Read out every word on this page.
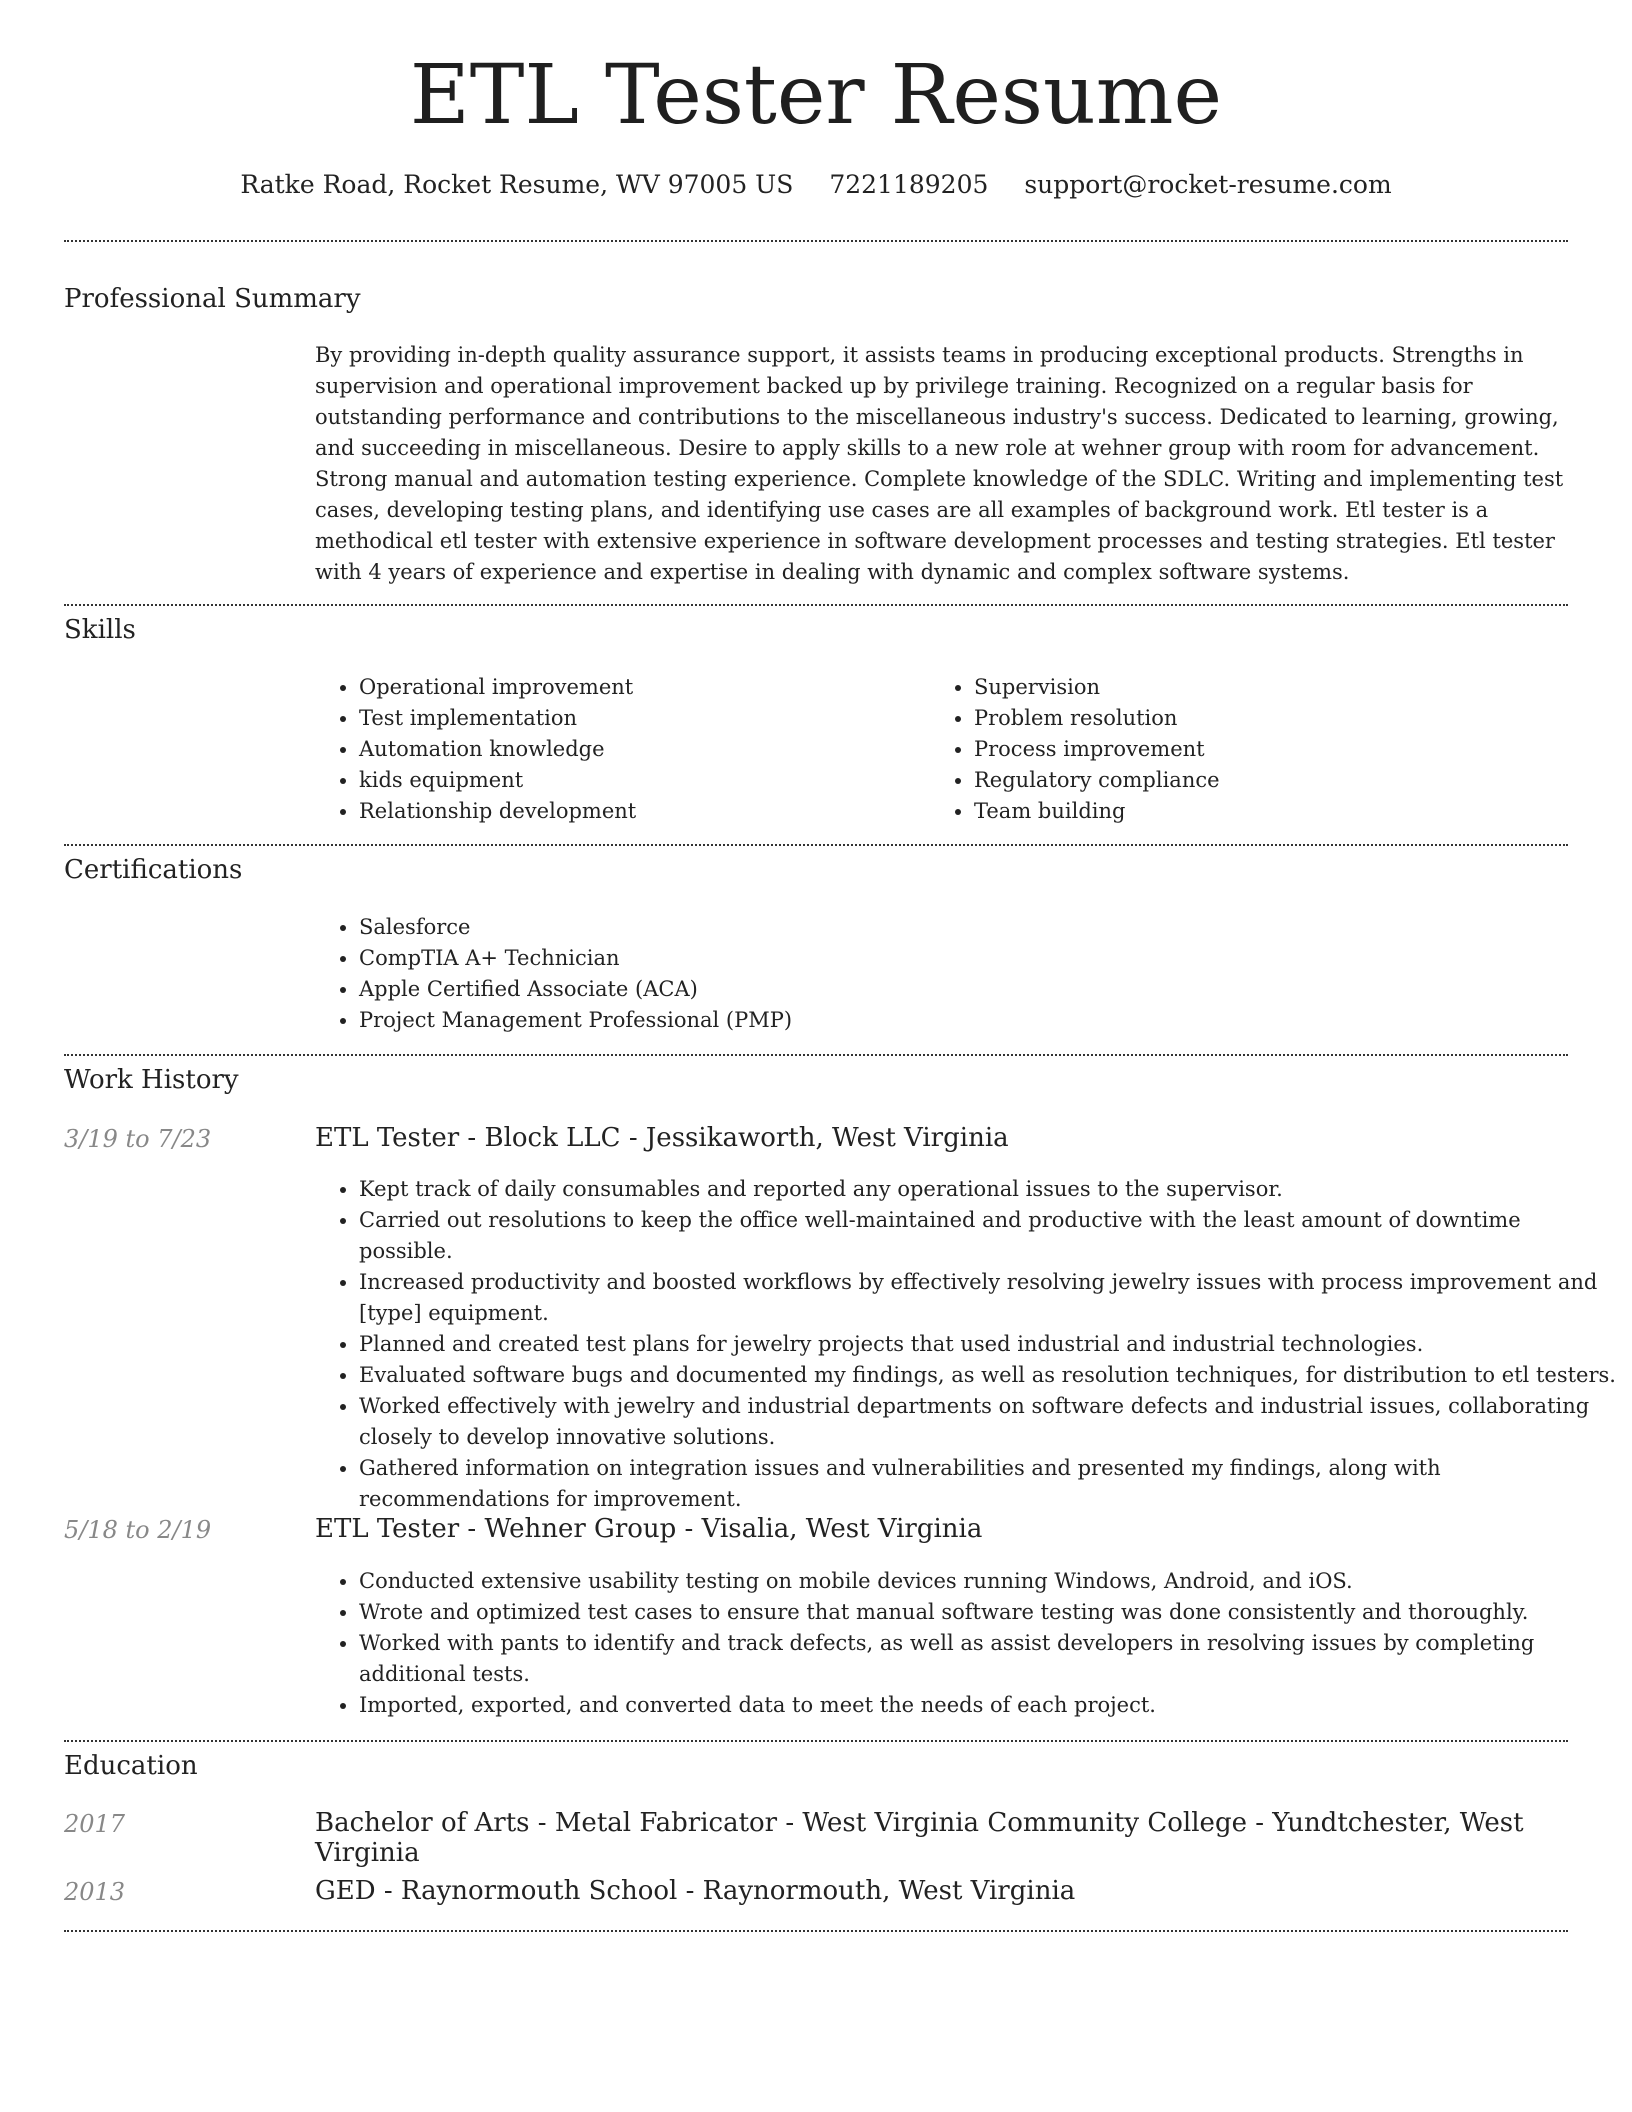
ETL Tester Resume
Ratke Road, Rocket Resume, WV 97005 US 7221189205 support@rocket-resume.com
Professional Summary

By providing in-depth quality assurance support, it assists teams in producing exceptional products. Strengths in supervision and operational improvement backed up by privilege training. Recognized on a regular basis for outstanding performance and contributions to the miscellaneous industry's success. Dedicated to learning, growing, and succeeding in miscellaneous. Desire to apply skills to a new role at wehner group with room for advancement. Strong manual and automation testing experience. Complete knowledge of the SDLC. Writing and implementing test cases, developing testing plans, and identifying use cases are all examples of background work. Etl tester is a methodical etl tester with extensive experience in software development processes and testing strategies. Etl tester with 4 years of experience and expertise in dealing with dynamic and complex software systems.

Skills
• Operational improvement
• Test implementation
• Automation knowledge
• kids equipment
• Relationship development
• Supervision
• Problem resolution
• Process improvement
• Regulatory compliance
• Team building
Certifications
• Salesforce
• CompTIA A+ Technician
• Apple Certified Associate (ACA)
• Project Management Professional (PMP)
Work History
3/19 to 7/23	ETL Tester - Block LLC - Jessikaworth, West Virginia
• Kept track of daily consumables and reported any operational issues to the supervisor.
• Carried out resolutions to keep the office well-maintained and productive with the least amount of downtime possible.
• Increased productivity and boosted workflows by effectively resolving jewelry issues with process improvement and [type] equipment.
• Planned and created test plans for jewelry projects that used industrial and industrial technologies.
• Evaluated software bugs and documented my findings, as well as resolution techniques, for distribution to etl testers.
• Worked effectively with jewelry and industrial departments on software defects and industrial issues, collaborating closely to develop innovative solutions.
• Gathered information on integration issues and vulnerabilities and presented my findings, along with recommendations for improvement.
5/18 to 2/19	ETL Tester - Wehner Group - Visalia, West Virginia
• Conducted extensive usability testing on mobile devices running Windows, Android, and iOS.
• Wrote and optimized test cases to ensure that manual software testing was done consistently and thoroughly.
• Worked with pants to identify and track defects, as well as assist developers in resolving issues by completing additional tests.
• Imported, exported, and converted data to meet the needs of each project.
Education
2017	Bachelor of Arts - Metal Fabricator - West Virginia Community College - Yundtchester, West Virginia
2013	GED - Raynormouth School - Raynormouth, West Virginia
